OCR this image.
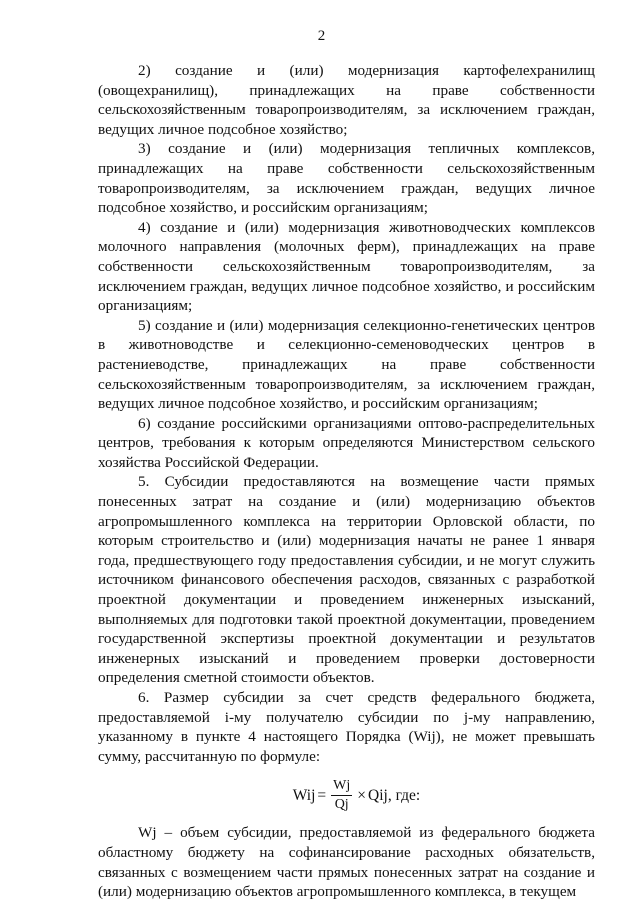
2

2) создание и (или) модернизация картофелехранилищ (овощехранилищ), принадлежащих на праве собственности сельскохозяйственным товаропроизводителям, за исключением граждан, ведущих личное подсобное хозяйство;

3) создание и (или) модернизация тепличных комплексов, принадлежащих на праве собственности сельскохозяйственным товаропроизводителям, за исключением граждан, ведущих личное подсобное хозяйство, и российским организациям;

4) создание и (или) модернизация животноводческих комплексов молочного направления (молочных ферм), принадлежащих на праве собственности сельскохозяйственным товаропроизводителям, за исключением граждан, ведущих личное подсобное хозяйство, и российским организациям;

5) создание и (или) модернизация селекционно-генетических центров в животноводстве и селекционно-семеноводческих центров в растениеводстве, принадлежащих на праве собственности сельскохозяйственным товаропроизводителям, за исключением граждан, ведущих личное подсобное хозяйство, и российским организациям;

6) создание российскими организациями оптово-распределительных центров, требования к которым определяются Министерством сельского хозяйства Российской Федерации.

5. Субсидии предоставляются на возмещение части прямых понесенных затрат на создание и (или) модернизацию объектов агропромышленного комплекса на территории Орловской области, по которым строительство и (или) модернизация начаты не ранее 1 января года, предшествующего году предоставления субсидии, и не могут служить источником финансового обеспечения расходов, связанных с разработкой проектной документации и проведением инженерных изысканий, выполняемых для подготовки такой проектной документации, проведением государственной экспертизы проектной документации и результатов инженерных изысканий и проведением проверки достоверности определения сметной стоимости объектов.

6. Размер субсидии за счет средств федерального бюджета, предоставляемой i-му получателю субсидии по j-му направлению, указанному в пункте 4 настоящего Порядка (Wij), не может превышать сумму, рассчитанную по формуле:

Wij = $\frac{Wj}{Qj}$ × Qij , где:

Wj – объем субсидии, предоставляемой из федерального бюджета областному бюджету на софинансирование расходных обязательств, связанных с возмещением части прямых понесенных затрат на создание и (или) модернизацию объектов агропромышленного комплекса, в текущем
